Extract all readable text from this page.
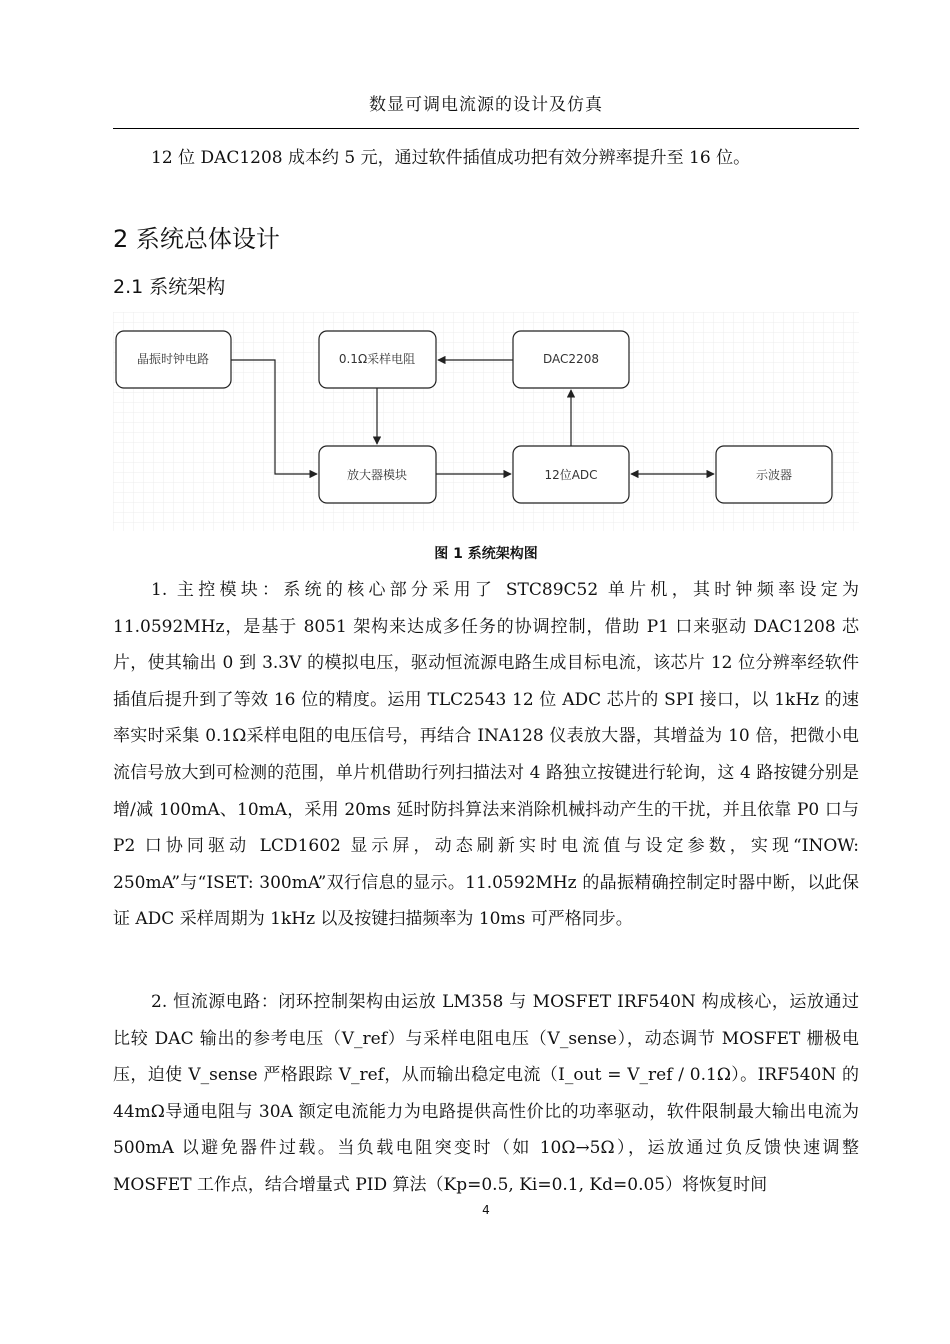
数显可调电流源的设计及仿真

12 位 DAC1208 成本约 5 元，通过软件插值成功把有效分辨率提升至 16 位。

2 系统总体设计
2.1 系统架构
晶振时钟电路	0.1Ω采样电阻	DAC2208
放大器模块	12位ADC	示波器
图 1 系统架构图

1. 主控模块：系统的核心部分采用了 STC89C52 单片机，其时钟频率设定为 11.0592MHz，是基于 8051 架构来达成多任务的协调控制，借助 P1 口来驱动 DAC1208 芯片，使其输出 0 到 3.3V 的模拟电压，驱动恒流源电路生成目标电流，该芯片 12 位分辨率经软件插值后提升到了等效 16 位的精度。运用 TLC2543 12 位 ADC 芯片的 SPI 接口，以 1kHz 的速率实时采集 0.1Ω采样电阻的电压信号，再结合 INA128 仪表放大器，其增益为 10 倍，把微小电流信号放大到可检测的范围，单片机借助行列扫描法对 4 路独立按键进行轮询，这 4 路按键分别是增/减 100mA、10mA，采用 20ms 延时防抖算法来消除机械抖动产生的干扰，并且依靠 P0 口与 P2 口协同驱动 LCD1602 显示屏，动态刷新实时电流值与设定参数，实现“INOW: 250mA”与“ISET: 300mA”双行信息的显示。11.0592MHz 的晶振精确控制定时器中断，以此保证 ADC 采样周期为 1kHz 以及按键扫描频率为 10ms 可严格同步。

2. 恒流源电路：闭环控制架构由运放 LM358 与 MOSFET IRF540N 构成核心，运放通过比较 DAC 输出的参考电压（V_ref）与采样电阻电压（V_sense），动态调节 MOSFET 栅极电压，迫使 V_sense 严格跟踪 V_ref，从而输出稳定电流（I_out = V_ref / 0.1Ω）。IRF540N 的 44mΩ导通电阻与 30A 额定电流能力为电路提供高性价比的功率驱动，软件限制最大输出电流为 500mA 以避免器件过载。当负载电阻突变时（如 10Ω→5Ω），运放通过负反馈快速调整 MOSFET 工作点，结合增量式 PID 算法（Kp=0.5, Ki=0.1, Kd=0.05）将恢复时间

4
